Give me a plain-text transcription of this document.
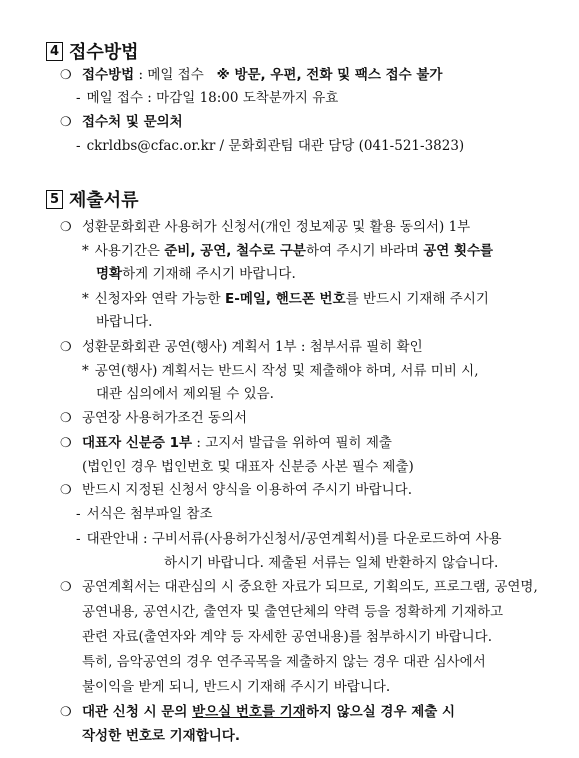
4 접수방법
❍ 접수방법 : 메일 접수 ※ 방문, 우편, 전화 및 팩스 접수 불가
- 메일 접수 : 마감일 18:00 도착분까지 유효
❍ 접수처 및 문의처
- ckrldbs@cfac.or.kr / 문화회관팀 대관 담당 (041-521-3823)
5 제출서류
❍ 성환문화회관 사용허가 신청서(개인 정보제공 및 활용 동의서) 1부
* 사용기간은 준비, 공연, 철수로 구분하여 주시기 바라며 공연 횟수를
명확하게 기재해 주시기 바랍니다.
* 신청자와 연락 가능한 E-메일, 핸드폰 번호를 반드시 기재해 주시기
바랍니다.
❍ 성환문화회관 공연(행사) 계획서 1부 : 첨부서류 필히 확인
* 공연(행사) 계획서는 반드시 작성 및 제출해야 하며, 서류 미비 시,
대관 심의에서 제외될 수 있음.
❍ 공연장 사용허가조건 동의서
❍ 대표자 신분증 1부 : 고지서 발급을 위하여 필히 제출
(법인인 경우 법인번호 및 대표자 신분증 사본 필수 제출)
❍ 반드시 지정된 신청서 양식을 이용하여 주시기 바랍니다.
- 서식은 첨부파일 참조
- 대관안내 : 구비서류(사용허가신청서/공연계획서)를 다운로드하여 사용
하시기 바랍니다. 제출된 서류는 일체 반환하지 않습니다.
❍ 공연계획서는 대관심의 시 중요한 자료가 되므로, 기획의도, 프로그램, 공연명,
공연내용, 공연시간, 출연자 및 출연단체의 약력 등을 정확하게 기재하고
관련 자료(출연자와 계약 등 자세한 공연내용)를 첨부하시기 바랍니다.
특히, 음악공연의 경우 연주곡목을 제출하지 않는 경우 대관 심사에서
불이익을 받게 되니, 반드시 기재해 주시기 바랍니다.
❍ 대관 신청 시 문의 받으실 번호를 기재하지 않으실 경우 제출 시
작성한 번호로 기재합니다.
